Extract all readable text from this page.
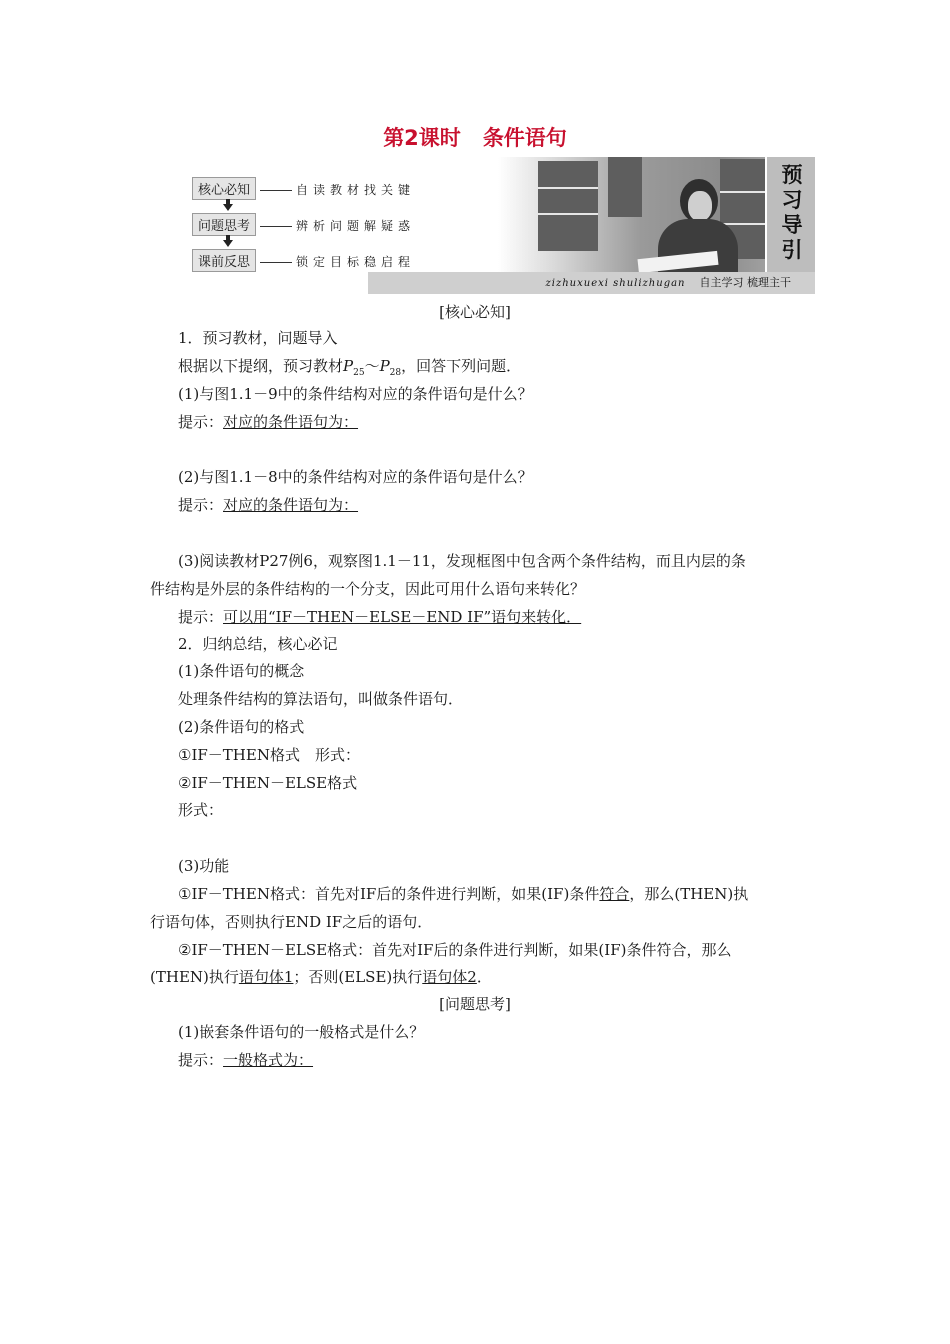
第2课时 条件语句
预
习
导
引
zizhuxuexi shulizhugan 自主学习 梳理主干
核心必知	自读教材找关键
问题思考	辨析问题解疑惑
课前反思	锁定目标稳启程
[核心必知]
1．预习教材，问题导入
根据以下提纲，预习教材$P_{25}\sim P_{28}$，回答下列问题．
(1)与图1.1－9中的条件结构对应的条件语句是什么？
提示：对应的条件语句为：
(2)与图1.1－8中的条件结构对应的条件语句是什么？
提示：对应的条件语句为：
(3)阅读教材P27例6，观察图1.1－11，发现框图中包含两个条件结构，而且内层的条
件结构是外层的条件结构的一个分支，因此可用什么语句来转化？
提示：可以用“IF－THEN－ELSE－END IF”语句来转化．
2．归纳总结，核心必记
(1)条件语句的概念
处理条件结构的算法语句，叫做条件语句．
(2)条件语句的格式
①IF－THEN格式　形式：
②IF－THEN－ELSE格式
形式：
(3)功能
①IF－THEN格式：首先对IF后的条件进行判断，如果(IF)条件符合，那么(THEN)执
行语句体，否则执行END IF之后的语句．
②IF－THEN－ELSE格式：首先对IF后的条件进行判断，如果(IF)条件符合，那么
(THEN)执行语句体1；否则(ELSE)执行语句体2．
[问题思考]
(1)嵌套条件语句的一般格式是什么？
提示：一般格式为：
